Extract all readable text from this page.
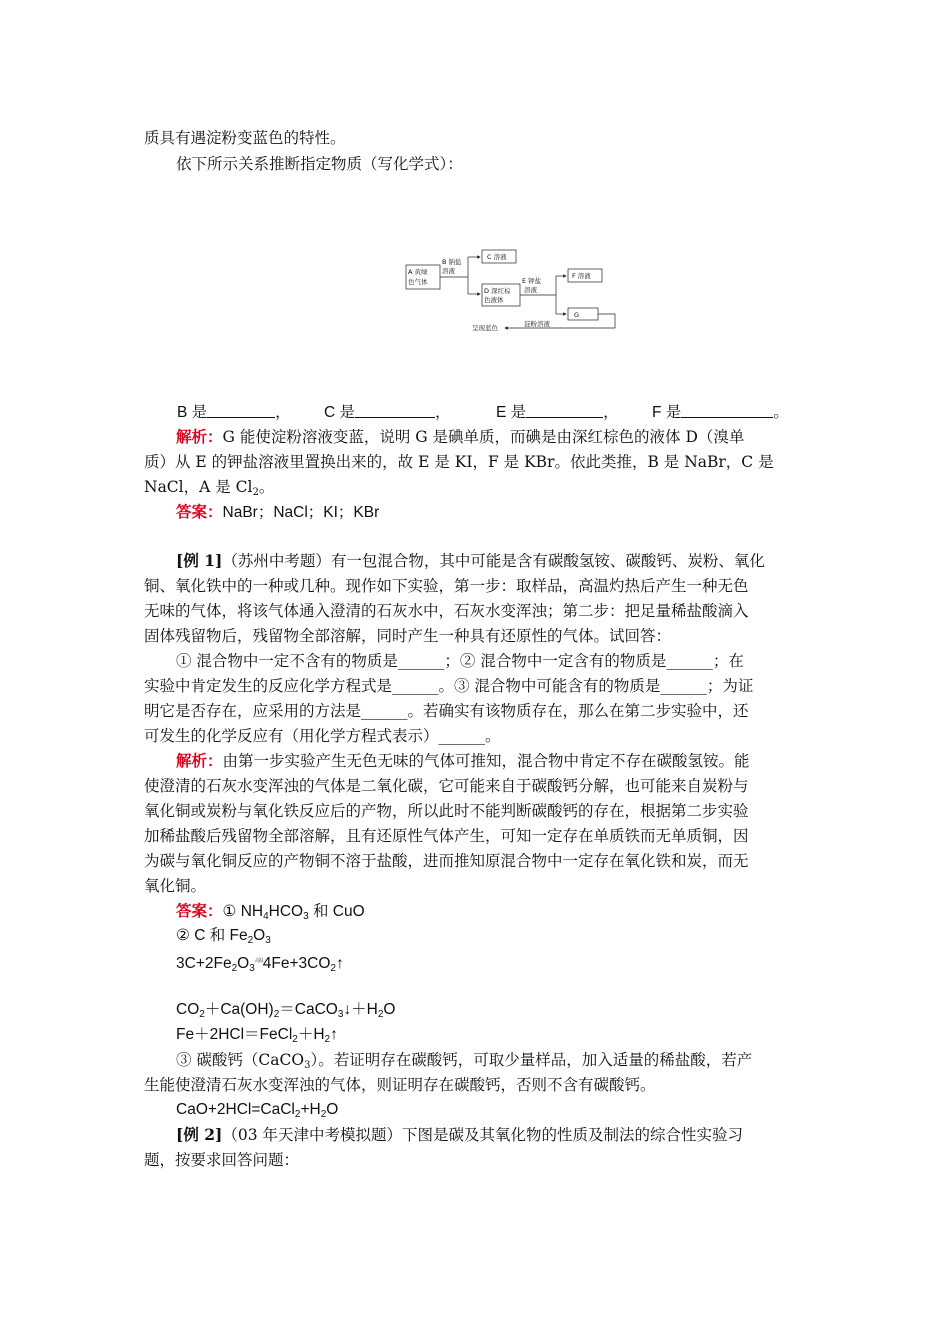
质具有遇淀粉变蓝色的特性。
依下所示关系推断指定物质（写化学式）：
A 黄绿
色气体
B 钠盐
溶液
C 溶液
D 深红棕
色液体
E 钾盐
溶液
F 溶液
G
淀粉溶液
呈现蓝色
B 是	， C 是	，	E 是	， F 是	。
解析：G 能使淀粉溶液变蓝，说明 G 是碘单质，而碘是由深红棕色的液体 D（溴单
质）从 E 的钾盐溶液里置换出来的，故 E 是 KI，F 是 KBr。依此类推，B 是 NaBr，C 是
NaCl，A 是 $Cl_2$。
答案：NaBr；NaCl；KI；KBr
[例 1]（苏州中考题）有一包混合物，其中可能是含有碳酸氢铵、碳酸钙、炭粉、氧化
铜、氧化铁中的一种或几种。现作如下实验，第一步：取样品，高温灼热后产生一种无色
无味的气体，将该气体通入澄清的石灰水中，石灰水变浑浊；第二步：把足量稀盐酸滴入
固体残留物后，残留物全部溶解，同时产生一种具有还原性的气体。试回答：
① 混合物中一定不含有的物质是______；② 混合物中一定含有的物质是______；在
实验中肯定发生的反应化学方程式是______。③ 混合物中可能含有的物质是______；为证
明它是否存在，应采用的方法是______。若确实有该物质存在，那么在第二步实验中，还
可发生的化学反应有（用化学方程式表示）______。
解析：由第一步实验产生无色无味的气体可推知，混合物中肯定不存在碳酸氢铵。能
使澄清的石灰水变浑浊的气体是二氧化碳，它可能来自于碳酸钙分解，也可能来自炭粉与
氧化铜或炭粉与氧化铁反应后的产物，所以此时不能判断碳酸钙的存在，根据第二步实验
加稀盐酸后残留物全部溶解，且有还原性气体产生，可知一定存在单质铁而无单质铜，因
为碳与氧化铜反应的产物铜不溶于盐酸，进而推知原混合物中一定存在氧化铁和炭，而无
氧化铜。
答案：① $NH_4HCO_3$ 和 CuO
② C 和 $Fe_2O_3$
$3C+2Fe_2O_3$高温$4Fe+3CO_2↑$
$CO_2+Ca(OH)_2=CaCO_3↓+H_2O$
$Fe+2HCl=FeCl_2+H_2↑$
③ 碳酸钙（CaCO$_3$）。若证明存在碳酸钙，可取少量样品，加入适量的稀盐酸，若产
生能使澄清石灰水变浑浊的气体，则证明存在碳酸钙，否则不含有碳酸钙。
$CaO+2HCl=CaCl_2+H_2O$
[例 2]（03 年天津中考模拟题）下图是碳及其氧化物的性质及制法的综合性实验习
题，按要求回答问题：
